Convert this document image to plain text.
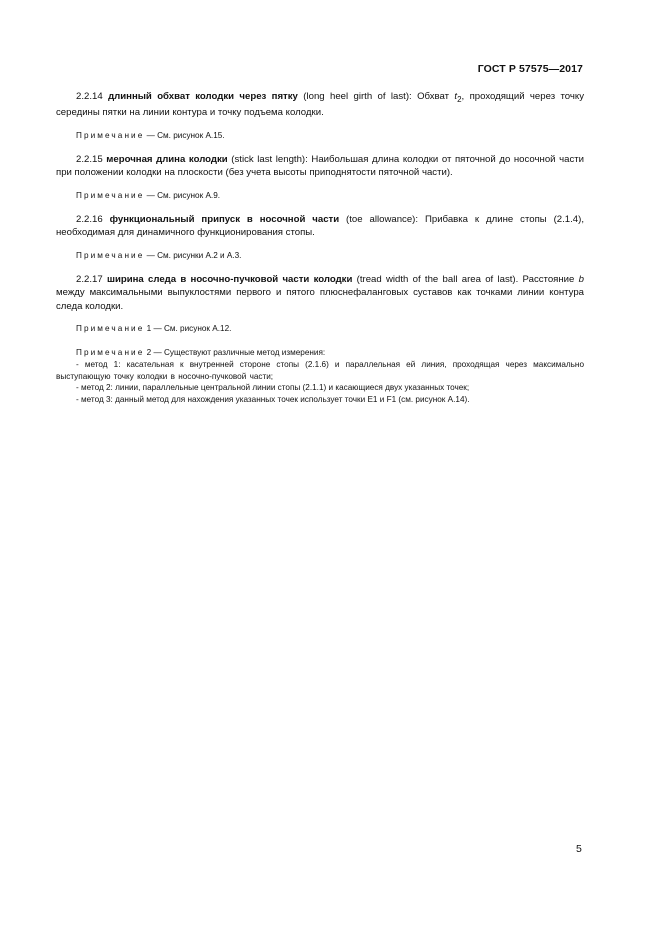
ГОСТ Р 57575—2017

2.2.14 длинный обхват колодки через пятку (long heel girth of last): Обхват $t_2$, проходящий через точку середины пятки на линии контура и точку подъема колодки.

Примечание — См. рисунок А.15.

2.2.15 мерочная длина колодки (stick last length): Наибольшая длина колодки от пяточной до носочной части при положении колодки на плоскости (без учета высоты приподнятости пяточной части).

Примечание — См. рисунок А.9.

2.2.16 функциональный припуск в носочной части (toe allowance): Прибавка к длине стопы (2.1.4), необходимая для динамичного функционирования стопы.

Примечание — См. рисунки А.2 и А.3.

2.2.17 ширина следа в носочно-пучковой части колодки (tread width of the ball area of last). Расстояние b между максимальными выпуклостями первого и пятого плюснефаланговых суставов как точками линии контура следа колодки.

Примечание 1 — См. рисунок А.12.
Примечание 2 — Существуют различные метод измерения:

- метод 1: касательная к внутренней стороне стопы (2.1.6) и параллельная ей линия, проходящая через максимально выступающую точку колодки в носочно-пучковой части;

- метод 2: линии, параллельные центральной линии стопы (2.1.1) и касающиеся двух указанных точек;

- метод 3: данный метод для нахождения указанных точек использует точки Е1 и F1 (см. рисунок А.14).

5
